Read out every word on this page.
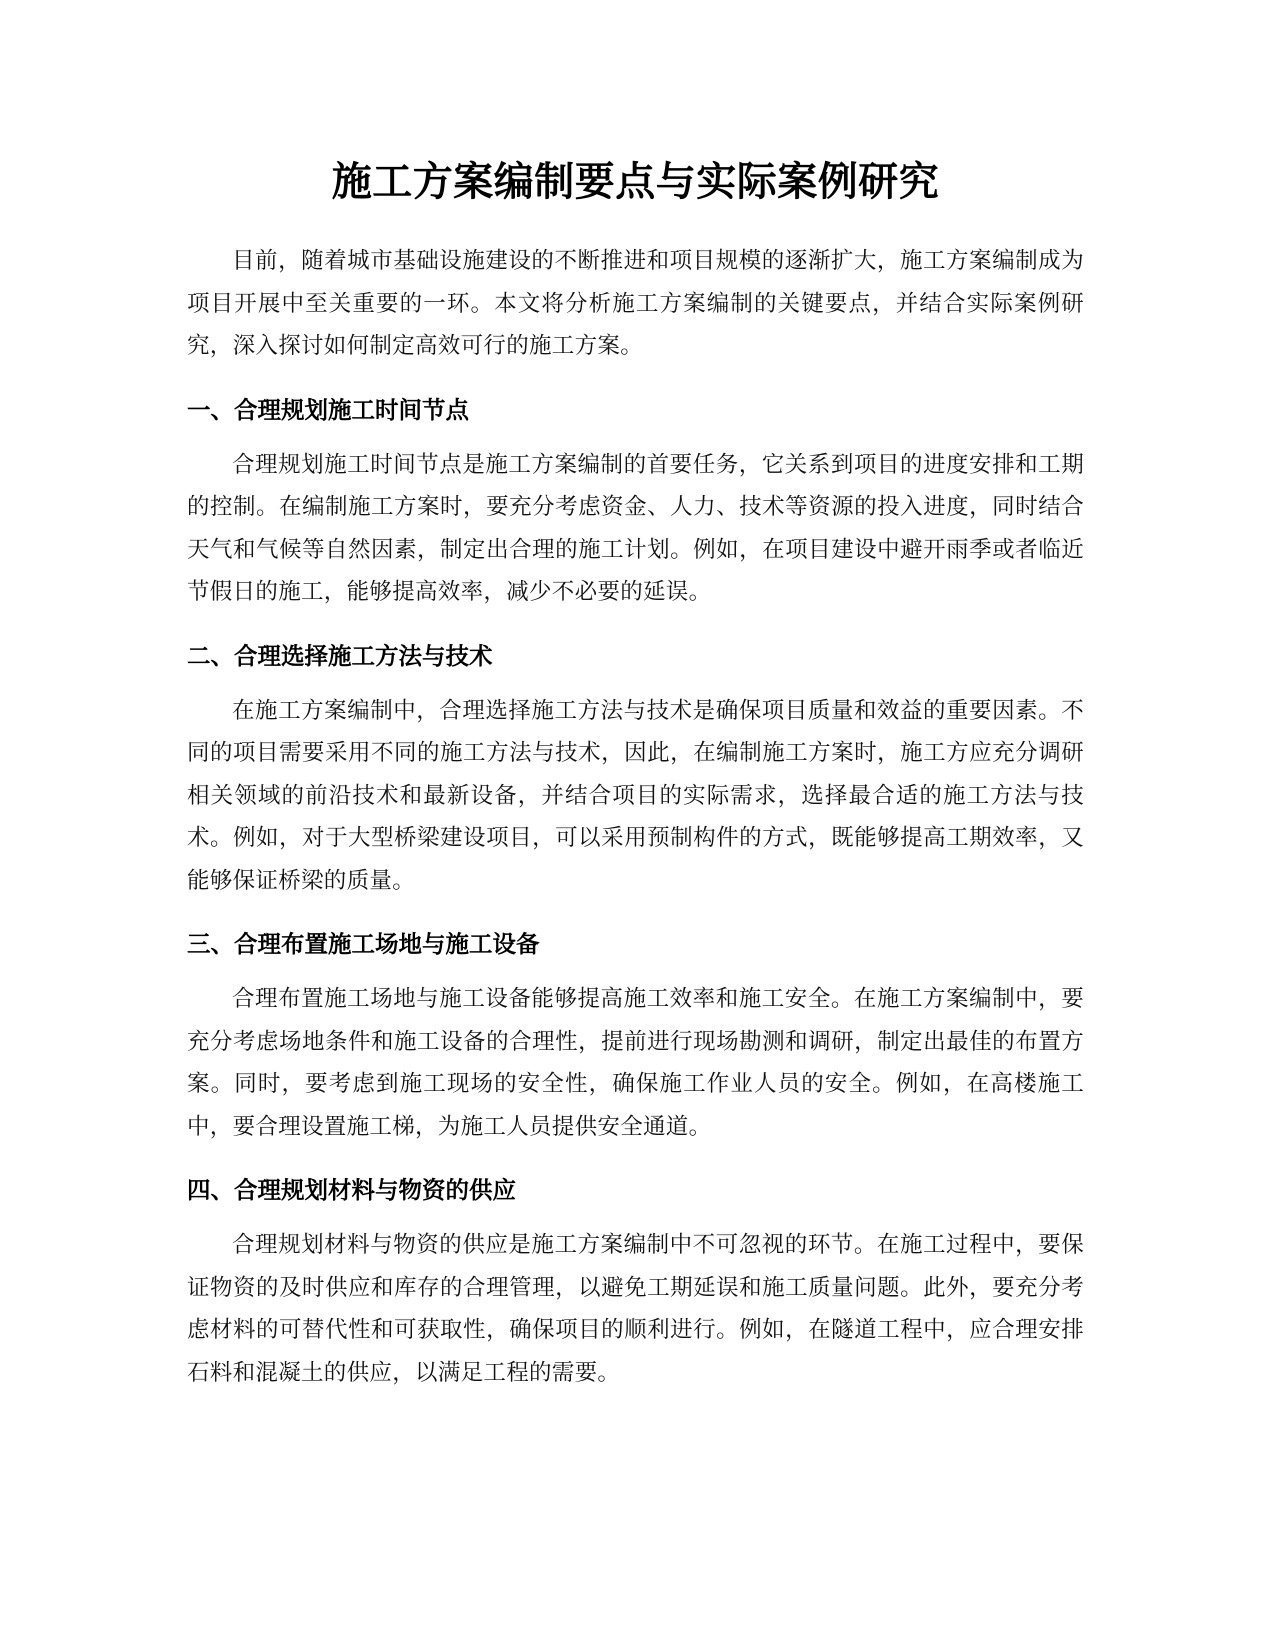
施工方案编制要点与实际案例研究

目前，随着城市基础设施建设的不断推进和项目规模的逐渐扩大，施工方案编制成为项目开展中至关重要的一环。本文将分析施工方案编制的关键要点，并结合实际案例研究，深入探讨如何制定高效可行的施工方案。

一、合理规划施工时间节点

合理规划施工时间节点是施工方案编制的首要任务，它关系到项目的进度安排和工期的控制。在编制施工方案时，要充分考虑资金、人力、技术等资源的投入进度，同时结合天气和气候等自然因素，制定出合理的施工计划。例如，在项目建设中避开雨季或者临近节假日的施工，能够提高效率，减少不必要的延误。

二、合理选择施工方法与技术

在施工方案编制中，合理选择施工方法与技术是确保项目质量和效益的重要因素。不同的项目需要采用不同的施工方法与技术，因此，在编制施工方案时，施工方应充分调研相关领域的前沿技术和最新设备，并结合项目的实际需求，选择最合适的施工方法与技术。例如，对于大型桥梁建设项目，可以采用预制构件的方式，既能够提高工期效率，又能够保证桥梁的质量。

三、合理布置施工场地与施工设备

合理布置施工场地与施工设备能够提高施工效率和施工安全。在施工方案编制中，要充分考虑场地条件和施工设备的合理性，提前进行现场勘测和调研，制定出最佳的布置方案。同时，要考虑到施工现场的安全性，确保施工作业人员的安全。例如，在高楼施工中，要合理设置施工梯，为施工人员提供安全通道。

四、合理规划材料与物资的供应

合理规划材料与物资的供应是施工方案编制中不可忽视的环节。在施工过程中，要保证物资的及时供应和库存的合理管理，以避免工期延误和施工质量问题。此外，要充分考虑材料的可替代性和可获取性，确保项目的顺利进行。例如，在隧道工程中，应合理安排石料和混凝土的供应，以满足工程的需要。
